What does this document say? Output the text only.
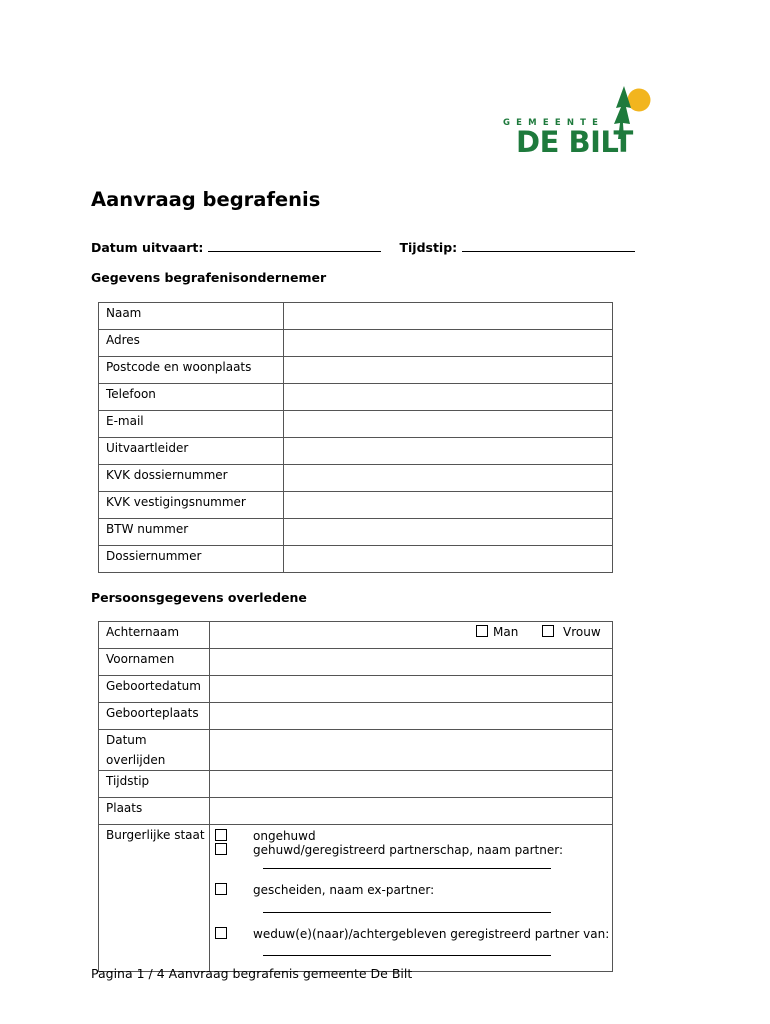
GEMEENTE
DE BILT
Aanvraag begrafenis
Datum uitvaart:	Tijdstip:
Gegevens begrafenisondernemer
Naam	
Adres	
Postcode en woonplaats	
Telefoon	
E-mail	
Uitvaartleider	
KVK dossiernummer	
KVK vestigingsnummer	
BTW nummer	
Dossiernummer	
Persoonsgegevens overledene
Achternaam	Man Vrouw

Voornamen	
Geboortedatum	
Geboorteplaats	
Datum overlijden	
Tijdstip	
Plaats	
Burgerlijke staat	ongehuwd
gehuwd/geregistreerd partnerschap, naam partner:
gescheiden, naam ex-partner:
weduw(e)(naar)/achtergebleven geregistreerd partner van:
Pagina 1 / 4 Aanvraag begrafenis gemeente De Bilt
